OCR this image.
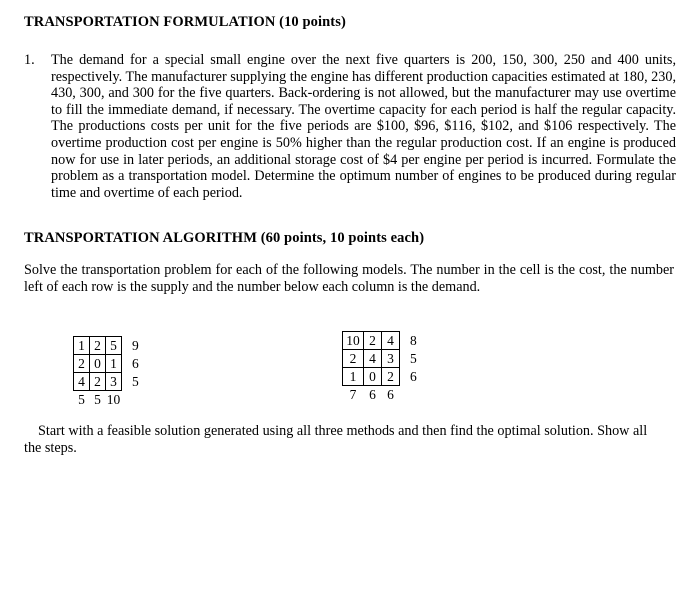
TRANSPORTATION FORMULATION (10 points)
1. The demand for a special small engine over the next five quarters is 200, 150, 300, 250 and 400 units, respectively. The manufacturer supplying the engine has different production capacities estimated at 180, 230, 430, 300, and 300 for the five quarters. Back-ordering is not allowed, but the manufacturer may use overtime to fill the immediate demand, if necessary. The overtime capacity for each period is half the regular capacity. The productions costs per unit for the five periods are $100, $96, $116, $102, and $106 respectively. The overtime production cost per engine is 50% higher than the regular production cost. If an engine is produced now for use in later periods, an additional storage cost of $4 per engine per period is incurred. Formulate the problem as a transportation model. Determine the optimum number of engines to be produced during regular time and overtime of each period.
TRANSPORTATION ALGORITHM (60 points, 10 points each)
Solve the transportation problem for each of the following models. The number in the cell is the cost, the number left of each row is the supply and the number below each column is the demand.
1	2	5	9
2	0	1	6
4	2	3	5
5	5	10	
10	2	4	8
2	4	3	5
1	0	2	6
7	6	6	
Start with a feasible solution generated using all three methods and then find the optimal solution. Show all the steps.
